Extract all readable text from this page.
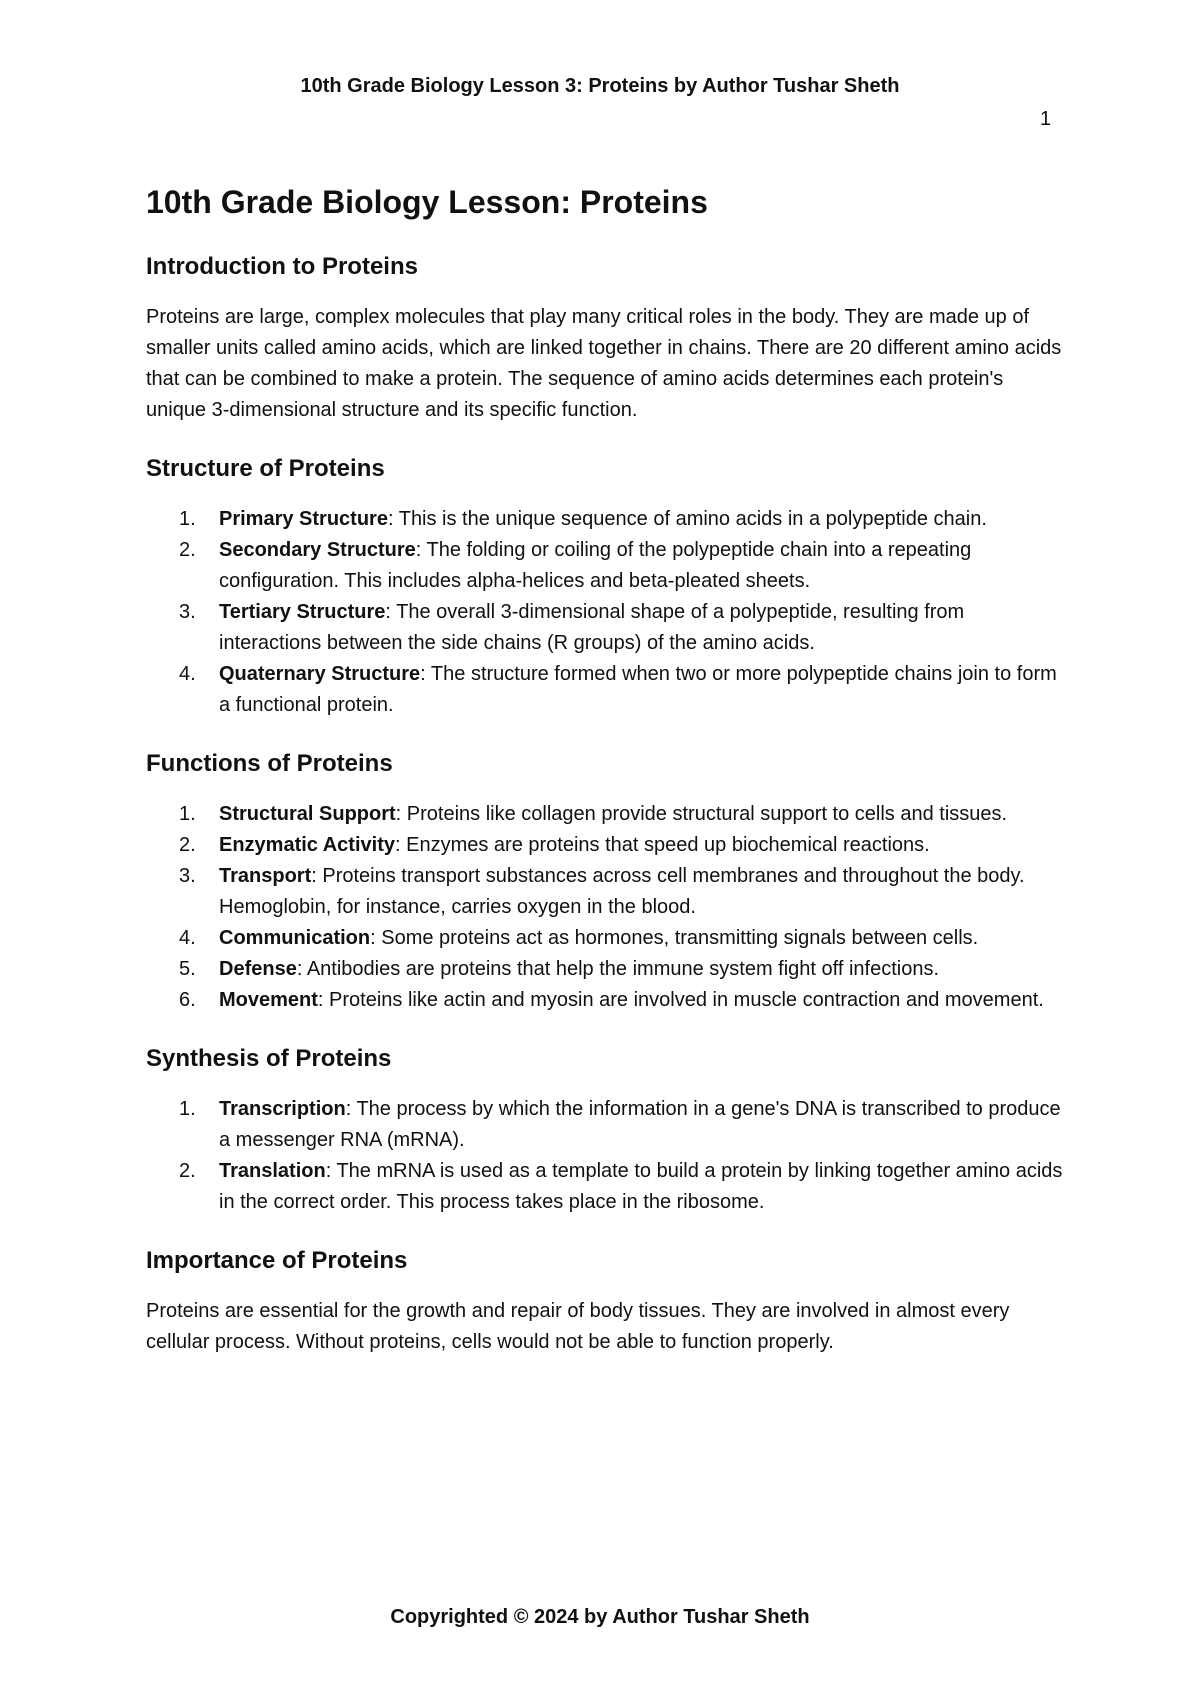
10th Grade Biology Lesson 3: Proteins by Author Tushar Sheth
1
10th Grade Biology Lesson: Proteins
Introduction to Proteins

Proteins are large, complex molecules that play many critical roles in the body. They are made up of smaller units called amino acids, which are linked together in chains. There are 20 different amino acids that can be combined to make a protein. The sequence of amino acids determines each protein's unique 3-dimensional structure and its specific function.

Structure of Proteins
1. Primary Structure: This is the unique sequence of amino acids in a polypeptide chain.
2. Secondary Structure: The folding or coiling of the polypeptide chain into a repeating configuration. This includes alpha-helices and beta-pleated sheets.
3. Tertiary Structure: The overall 3-dimensional shape of a polypeptide, resulting from interactions between the side chains (R groups) of the amino acids.
4. Quaternary Structure: The structure formed when two or more polypeptide chains join to form a functional protein.
Functions of Proteins
1. Structural Support: Proteins like collagen provide structural support to cells and tissues.
2. Enzymatic Activity: Enzymes are proteins that speed up biochemical reactions.
3. Transport: Proteins transport substances across cell membranes and throughout the body. Hemoglobin, for instance, carries oxygen in the blood.
4. Communication: Some proteins act as hormones, transmitting signals between cells.
5. Defense: Antibodies are proteins that help the immune system fight off infections.
6. Movement: Proteins like actin and myosin are involved in muscle contraction and movement.
Synthesis of Proteins
1. Transcription: The process by which the information in a gene's DNA is transcribed to produce a messenger RNA (mRNA).
2. Translation: The mRNA is used as a template to build a protein by linking together amino acids in the correct order. This process takes place in the ribosome.
Importance of Proteins

Proteins are essential for the growth and repair of body tissues. They are involved in almost every cellular process. Without proteins, cells would not be able to function properly.

Copyrighted © 2024 by Author Tushar Sheth
